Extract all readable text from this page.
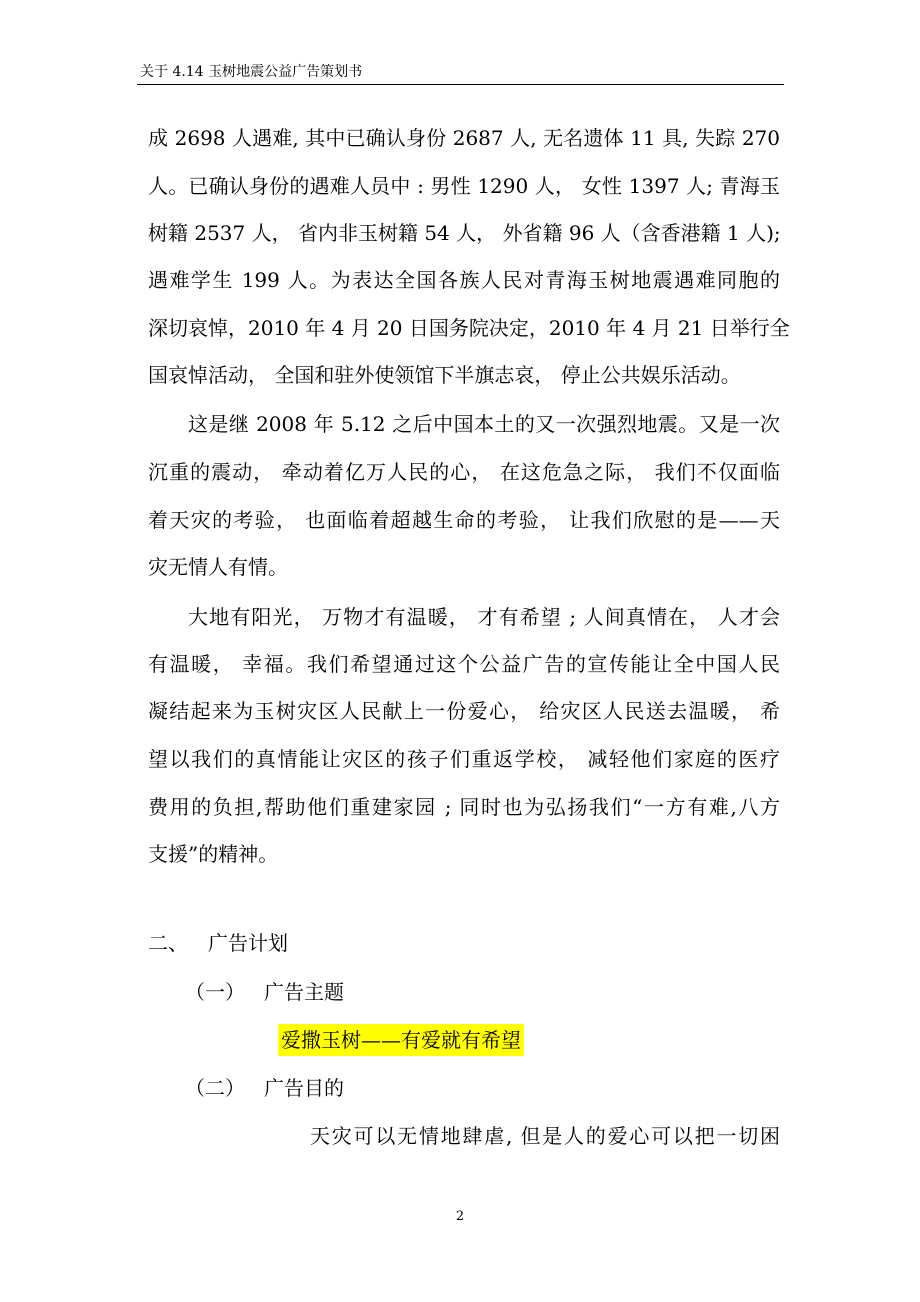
关于 4.14 玉树地震公益广告策划书
成 2698 人遇难, 其中已确认身份 2687 人, 无名遗体 11 具, 失踪 270
人。已确认身份的遇难人员中 : 男性 1290 人， 女性 1397 人; 青海玉
树籍 2537 人， 省内非玉树籍 54 人， 外省籍 96 人（含香港籍 1 人);
遇难学生 199 人。为表达全国各族人民对青海玉树地震遇难同胞的
深切哀悼，2010 年 4 月 20 日国务院决定，2010 年 4 月 21 日举行全
国哀悼活动， 全国和驻外使领馆下半旗志哀， 停止公共娱乐活动。
这是继 2008 年 5.12 之后中国本土的又一次强烈地震。又是一次
沉重的震动， 牵动着亿万人民的心， 在这危急之际， 我们不仅面临
着天灾的考验， 也面临着超越生命的考验， 让我们欣慰的是——天
灾无情人有情。
大地有阳光， 万物才有温暖， 才有希望 ; 人间真情在， 人才会
有温暖， 幸福。我们希望通过这个公益广告的宣传能让全中国人民
凝结起来为玉树灾区人民献上一份爱心， 给灾区人民送去温暖， 希
望以我们的真情能让灾区的孩子们重返学校， 减轻他们家庭的医疗
费用的负担,帮助他们重建家园 ; 同时也为弘扬我们“一方有难,八方
支援”的精神。
二、 广告计划
（一） 广告主题
爱撒玉树——有爱就有希望
（二） 广告目的
天灾可以无情地肆虐, 但是人的爱心可以把一切困
2
